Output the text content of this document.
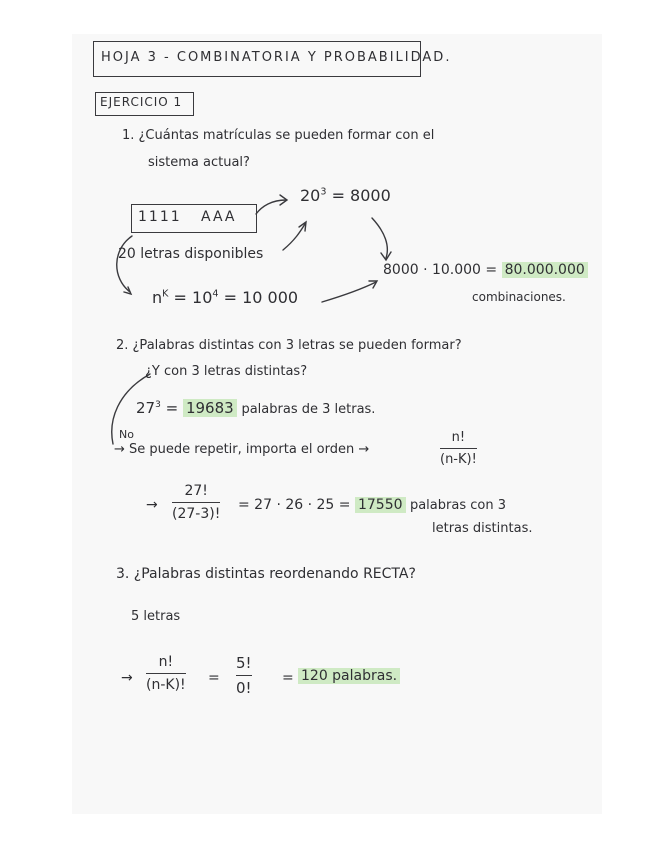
HOJA 3 - COMBINATORIA Y PROBABILIDAD.
EJERCICIO 1
1. ¿Cuántas matrículas se pueden formar con el
sistema actual?
1111   AAA
$20^3 = 8000$
20 letras disponibles
$n^K = 10^4 = 10$ 000
8000 · 10.000 = 80.000.000
combinaciones.
2. ¿Palabras distintas con 3 letras se pueden formar?
¿Y con 3 letras distintas?
$27^3 = 19683$ palabras de 3 letras.
No
→ Se puede repetir, importa el orden →
n!
(n-K)!
→
27!
(27-3)!
= 27 · 26 · 25 = 17550 palabras con 3
letras distintas.
3. ¿Palabras distintas reordenando RECTA?
5 letras
→
n!
(n-K)! =
5!
0!
= 120 palabras.
